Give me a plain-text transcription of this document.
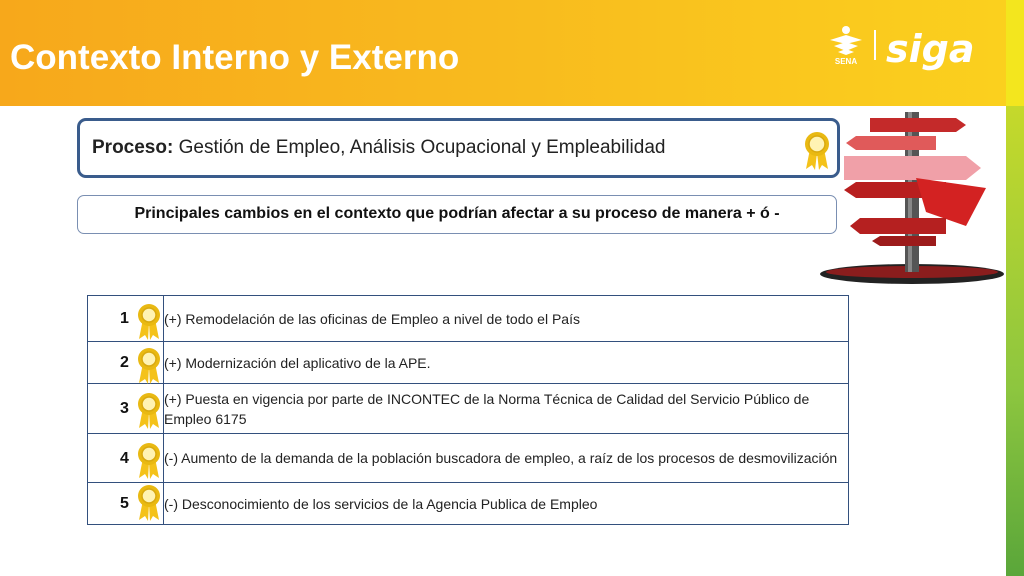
Contexto Interno y Externo	SENA siga
Proceso: Gestión de Empleo, Análisis Ocupacional y Empleabilidad
Principales cambios en el contexto que podrían afectar a su proceso de manera + ó -
1	(+) Remodelación de las oficinas de Empleo a nivel de todo el País

2	(+) Modernización del aplicativo de la APE.

3	(+) Puesta en vigencia por parte de INCONTEC de la Norma Técnica de Calidad del Servicio Público de Empleo 6175

4	(-) Aumento de la demanda de la población buscadora de empleo, a raíz de los procesos de desmovilización

5	(-) Desconocimiento de los servicios de la Agencia Publica de Empleo
